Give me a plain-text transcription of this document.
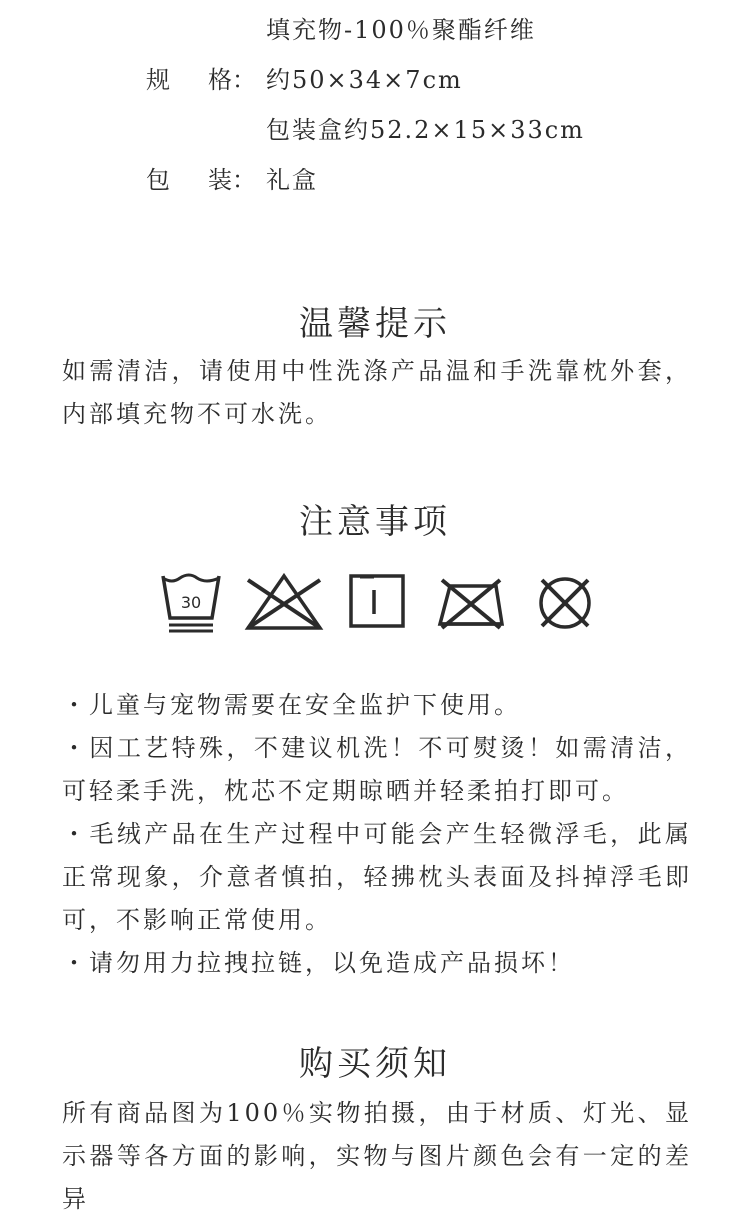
填充物-100％聚酯纤维
规 格
： 约50×34×7cm
包装盒约52.2×15×33cm
包 装
： 礼盒
温馨提示
如需清洁，请使用中性洗涤产品温和手洗靠枕外套，内部填充物不可水洗。
注意事项
30

・儿童与宠物需要在安全监护下使用。

・因工艺特殊，不建议机洗！不可熨烫！如需清洁，可轻柔手洗，枕芯不定期晾晒并轻柔拍打即可。

・毛绒产品在生产过程中可能会产生轻微浮毛，此属正常现象，介意者慎拍，轻拂枕头表面及抖掉浮毛即可，不影响正常使用。

・请勿用力拉拽拉链，以免造成产品损坏！

购买须知
所有商品图为100％实物拍摄，由于材质、灯光、显示器等各方面的影响，实物与图片颜色会有一定的差异
